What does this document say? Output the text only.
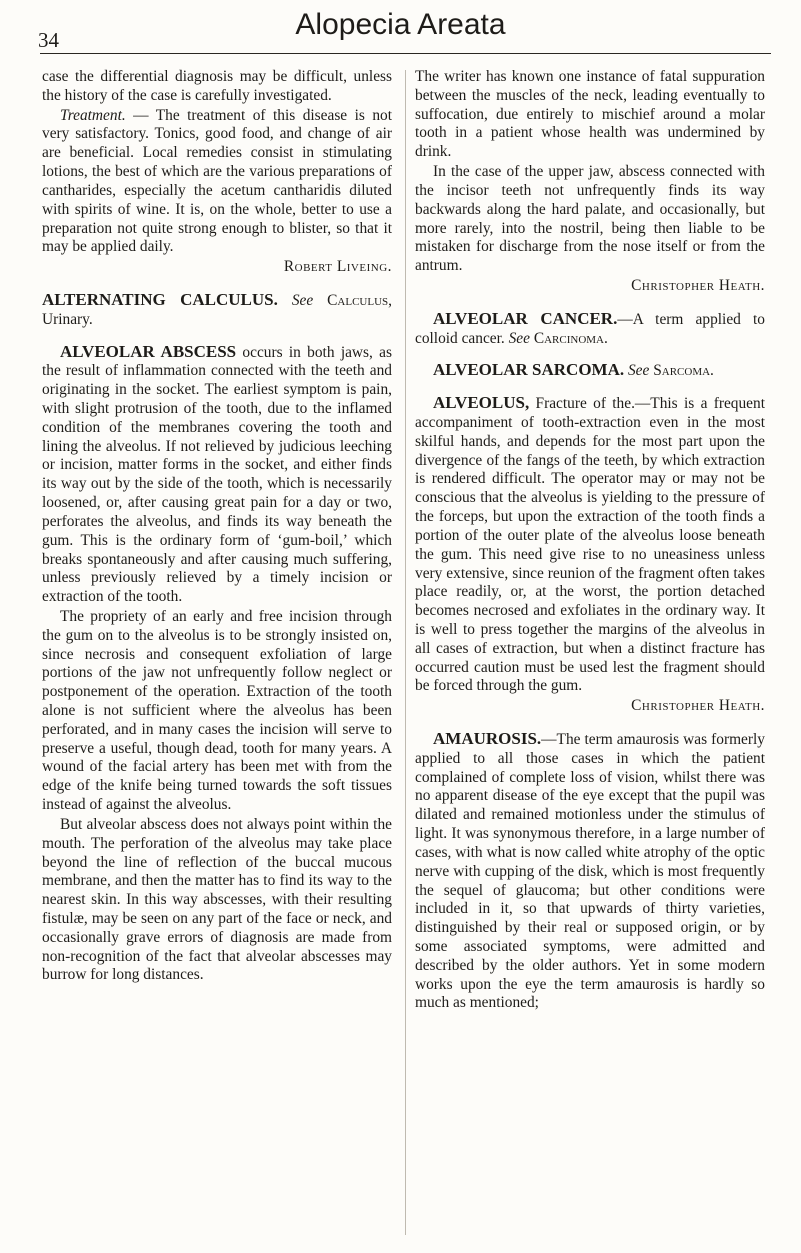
34	Alopecia Areata

case the differential diagnosis may be difficult, unless the history of the case is carefully investigated.

Treatment. — The treatment of this disease is not very satisfactory. Tonics, good food, and change of air are beneficial. Local remedies consist in stimulating lotions, the best of which are the various preparations of cantharides, especially the acetum cantharidis diluted with spirits of wine. It is, on the whole, better to use a preparation not quite strong enough to blister, so that it may be applied daily.

Robert Liveing.

ALTERNATING CALCULUS. See Calculus, Urinary.

ALVEOLAR ABSCESS occurs in both jaws, as the result of inflammation connected with the teeth and originating in the socket. The earliest symptom is pain, with slight protrusion of the tooth, due to the inflamed condition of the membranes covering the tooth and lining the alveolus. If not relieved by judicious leeching or incision, matter forms in the socket, and either finds its way out by the side of the tooth, which is necessarily loosened, or, after causing great pain for a day or two, perforates the alveolus, and finds its way beneath the gum. This is the ordinary form of ‘gum-boil,’ which breaks spontaneously and after causing much suffering, unless previously relieved by a timely incision or extraction of the tooth.

The propriety of an early and free incision through the gum on to the alveolus is to be strongly insisted on, since necrosis and consequent exfoliation of large portions of the jaw not unfrequently follow neglect or postponement of the operation. Extraction of the tooth alone is not sufficient where the alveolus has been perforated, and in many cases the incision will serve to preserve a useful, though dead, tooth for many years. A wound of the facial artery has been met with from the edge of the knife being turned towards the soft tissues instead of against the alveolus.

But alveolar abscess does not always point within the mouth. The perforation of the alveolus may take place beyond the line of reflection of the buccal mucous membrane, and then the matter has to find its way to the nearest skin. In this way abscesses, with their resulting fistulæ, may be seen on any part of the face or neck, and occasionally grave errors of diagnosis are made from non-recognition of the fact that alveolar abscesses may burrow for long distances.

The writer has known one instance of fatal suppuration between the muscles of the neck, leading eventually to suffocation, due entirely to mischief around a molar tooth in a patient whose health was undermined by drink.

In the case of the upper jaw, abscess connected with the incisor teeth not unfrequently finds its way backwards along the hard palate, and occasionally, but more rarely, into the nostril, being then liable to be mistaken for discharge from the nose itself or from the antrum.

Christopher Heath.

ALVEOLAR CANCER.—A term applied to colloid cancer. See Carcinoma.

ALVEOLAR SARCOMA. See Sarcoma.

ALVEOLUS, Fracture of the.—This is a frequent accompaniment of tooth-extraction even in the most skilful hands, and depends for the most part upon the divergence of the fangs of the teeth, by which extraction is rendered difficult. The operator may or may not be conscious that the alveolus is yielding to the pressure of the forceps, but upon the extraction of the tooth finds a portion of the outer plate of the alveolus loose beneath the gum. This need give rise to no uneasiness unless very extensive, since reunion of the fragment often takes place readily, or, at the worst, the portion detached becomes necrosed and exfoliates in the ordinary way. It is well to press together the margins of the alveolus in all cases of extraction, but when a distinct fracture has occurred caution must be used lest the fragment should be forced through the gum.

Christopher Heath.

AMAUROSIS.—The term amaurosis was formerly applied to all those cases in which the patient complained of complete loss of vision, whilst there was no apparent disease of the eye except that the pupil was dilated and remained motionless under the stimulus of light. It was synonymous therefore, in a large number of cases, with what is now called white atrophy of the optic nerve with cupping of the disk, which is most frequently the sequel of glaucoma; but other conditions were included in it, so that upwards of thirty varieties, distinguished by their real or supposed origin, or by some associated symptoms, were admitted and described by the older authors. Yet in some modern works upon the eye the term amaurosis is hardly so much as mentioned;
